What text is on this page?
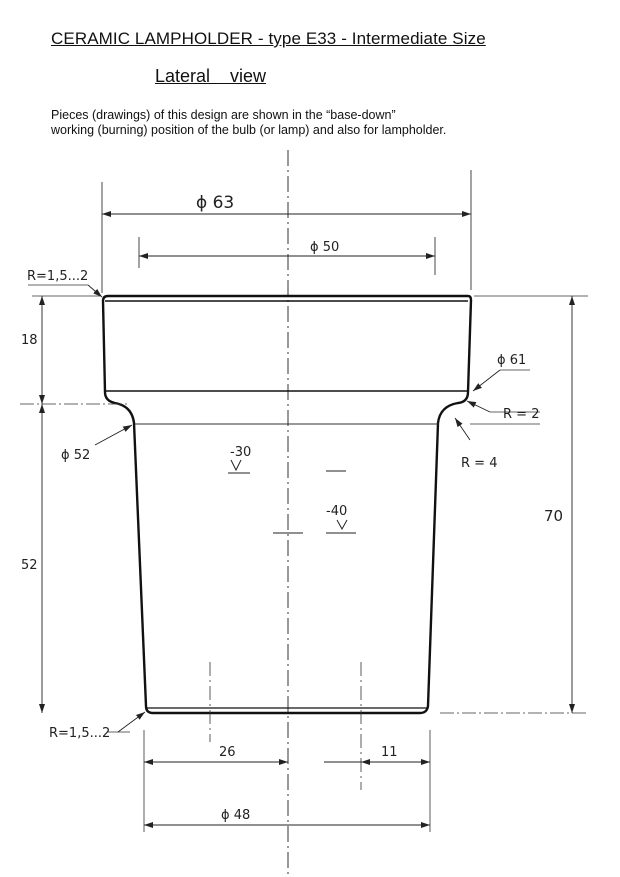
CERAMIC LAMPHOLDER - type E33 - Intermediate Size
Lateral    view
Pieces (drawings) of this design are shown in the “base-down”
working (burning) position of the bulb (or lamp) and also for lampholder.
ϕ 63
ϕ 50
R=1,5...2
18
52
ϕ 61
R = 2
R = 4
ϕ 52	-30
-40	70
R=1,5...2
26	11
ϕ 48
